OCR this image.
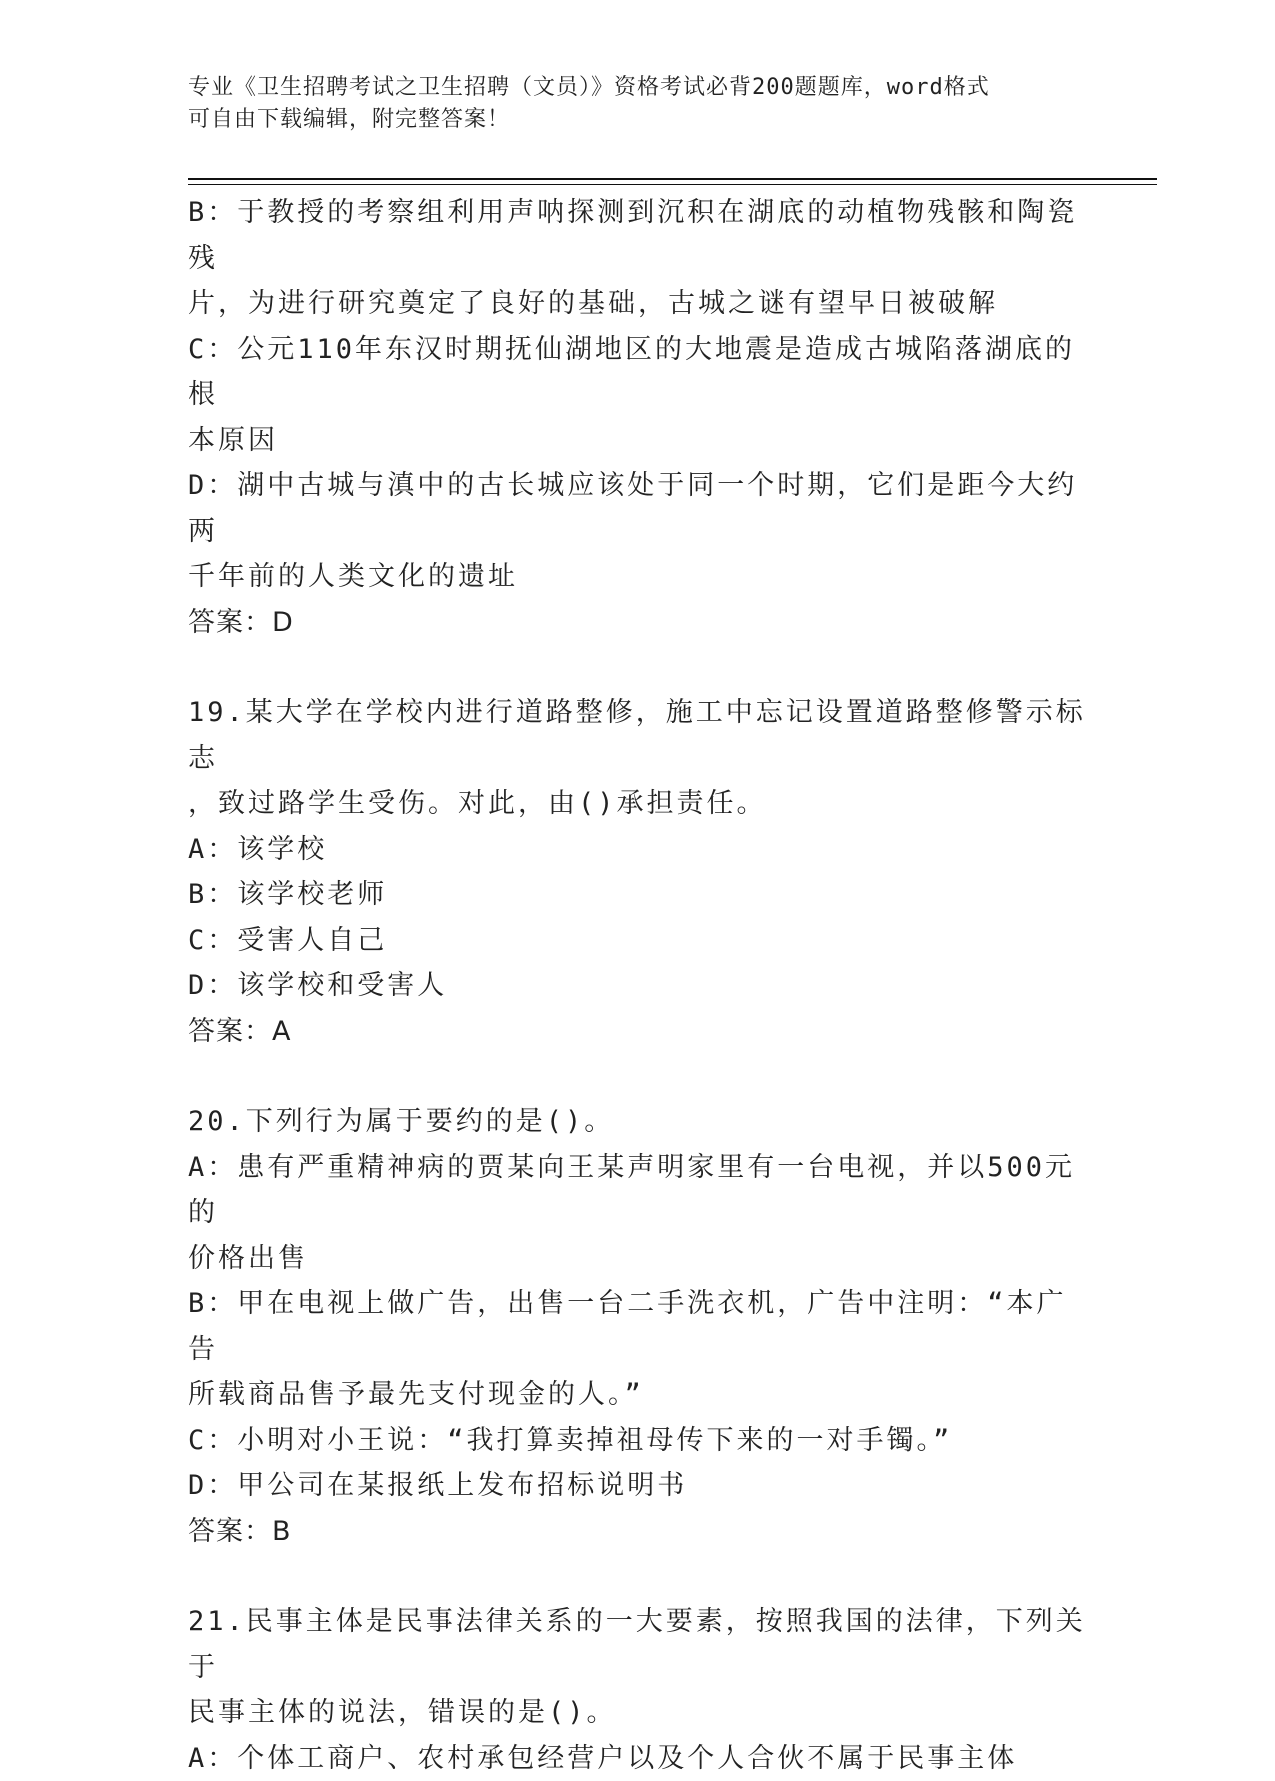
专业《卫生招聘考试之卫生招聘（文员）》资格考试必背200题题库，word格式
可自由下载编辑，附完整答案！
B：于教授的考察组利用声呐探测到沉积在湖底的动植物残骸和陶瓷残
片，为进行研究奠定了良好的基础，古城之谜有望早日被破解
C：公元110年东汉时期抚仙湖地区的大地震是造成古城陷落湖底的根
本原因
D：湖中古城与滇中的古长城应该处于同一个时期，它们是距今大约两
千年前的人类文化的遗址
答案：D
19.某大学在学校内进行道路整修，施工中忘记设置道路整修警示标志
，致过路学生受伤。对此，由()承担责任。
A：该学校
B：该学校老师
C：受害人自己
D：该学校和受害人
答案：A
20.下列行为属于要约的是()。
A：患有严重精神病的贾某向王某声明家里有一台电视，并以500元的
价格出售
B：甲在电视上做广告，出售一台二手洗衣机，广告中注明：“本广告
所载商品售予最先支付现金的人。”
C：小明对小王说：“我打算卖掉祖母传下来的一对手镯。”
D：甲公司在某报纸上发布招标说明书
答案：B
21.民事主体是民事法律关系的一大要素，按照我国的法律，下列关于
民事主体的说法，错误的是()。
A：个体工商户、农村承包经营户以及个人合伙不属于民事主体
